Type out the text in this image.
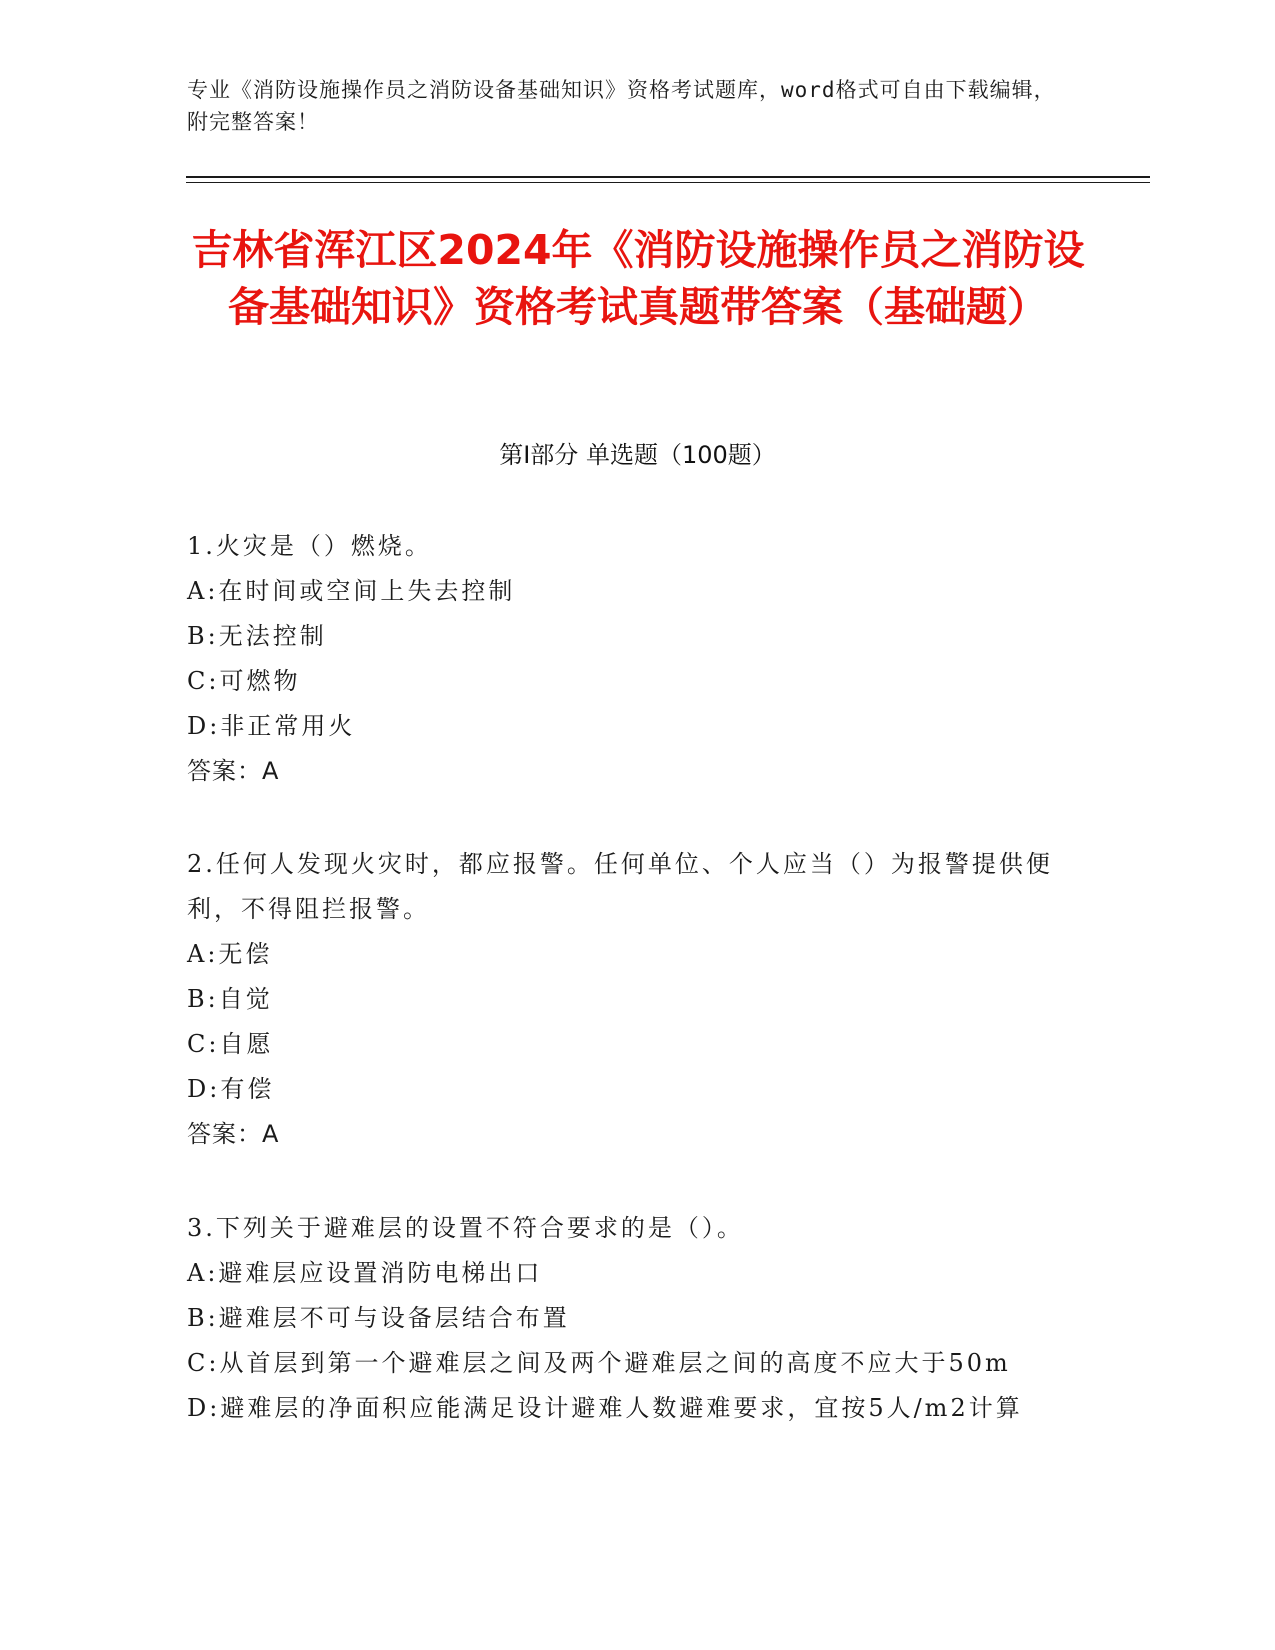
专业《消防设施操作员之消防设备基础知识》资格考试题库，word格式可自由下载编辑，附完整答案！
吉林省浑江区2024年《消防设施操作员之消防设备基础知识》资格考试真题带答案（基础题）
第I部分 单选题（100题）

1.火灾是（）燃烧。

A:在时间或空间上失去控制

B:无法控制

C:可燃物

D:非正常用火

答案：A

2.任何人发现火灾时，都应报警。任何单位、个人应当（）为报警提供便利，不得阻拦报警。

A:无偿

B:自觉

C:自愿

D:有偿

答案：A

3.下列关于避难层的设置不符合要求的是（）。

A:避难层应设置消防电梯出口

B:避难层不可与设备层结合布置

C:从首层到第一个避难层之间及两个避难层之间的高度不应大于50m

D:避难层的净面积应能满足设计避难人数避难要求，宜按5人/m2计算
